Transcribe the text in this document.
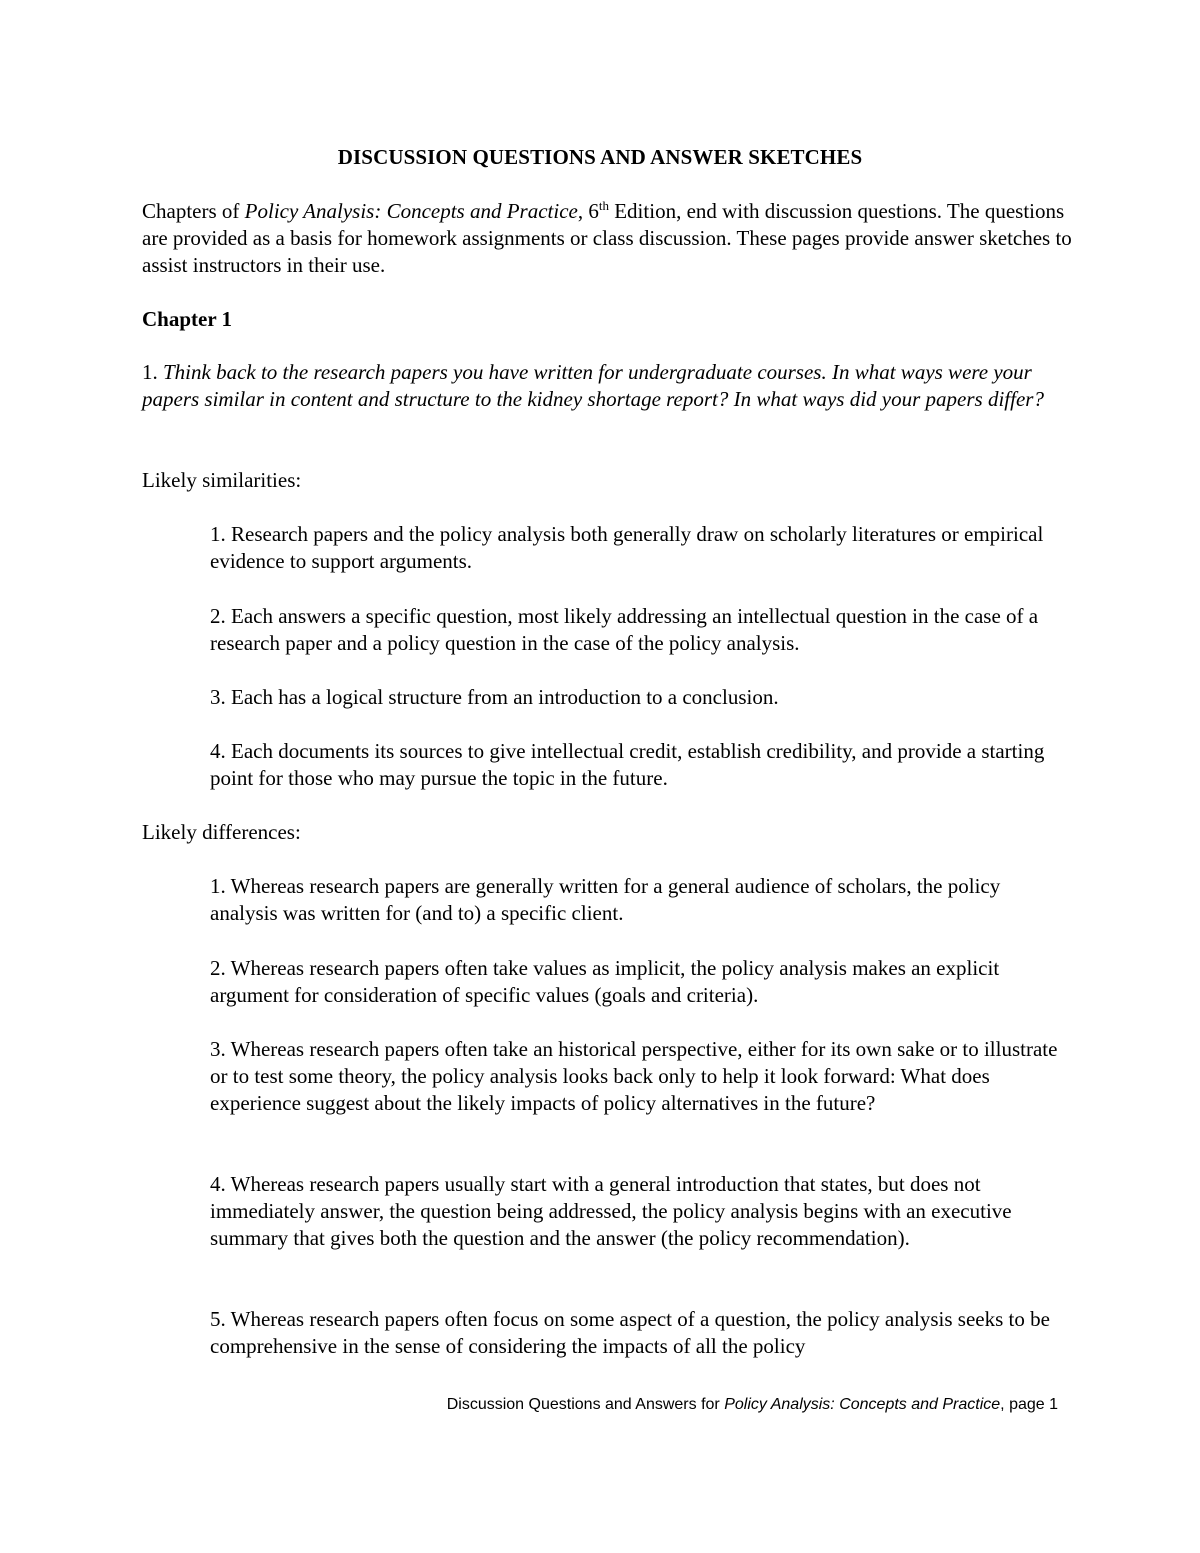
DISCUSSION QUESTIONS AND ANSWER SKETCHES
Chapters of Policy Analysis: Concepts and Practice, 6th Edition, end with discussion questions. The questions are provided as a basis for homework assignments or class discussion. These pages provide answer sketches to assist instructors in their use.
Chapter 1
1. Think back to the research papers you have written for undergraduate courses. In what ways were your papers similar in content and structure to the kidney shortage report? In what ways did your papers differ?
Likely similarities:
1. Research papers and the policy analysis both generally draw on scholarly literatures or empirical evidence to support arguments.
2. Each answers a specific question, most likely addressing an intellectual question in the case of a research paper and a policy question in the case of the policy analysis.
3. Each has a logical structure from an introduction to a conclusion.
4. Each documents its sources to give intellectual credit, establish credibility, and provide a starting point for those who may pursue the topic in the future.
Likely differences:
1. Whereas research papers are generally written for a general audience of scholars, the policy analysis was written for (and to) a specific client.
2. Whereas research papers often take values as implicit, the policy analysis makes an explicit argument for consideration of specific values (goals and criteria).
3. Whereas research papers often take an historical perspective, either for its own sake or to illustrate or to test some theory, the policy analysis looks back only to help it look forward: What does experience suggest about the likely impacts of policy alternatives in the future?
4. Whereas research papers usually start with a general introduction that states, but does not immediately answer, the question being addressed, the policy analysis begins with an executive summary that gives both the question and the answer (the policy recommendation).
5. Whereas research papers often focus on some aspect of a question, the policy analysis seeks to be comprehensive in the sense of considering the impacts of all the policy
Discussion Questions and Answers for Policy Analysis: Concepts and Practice, page 1
